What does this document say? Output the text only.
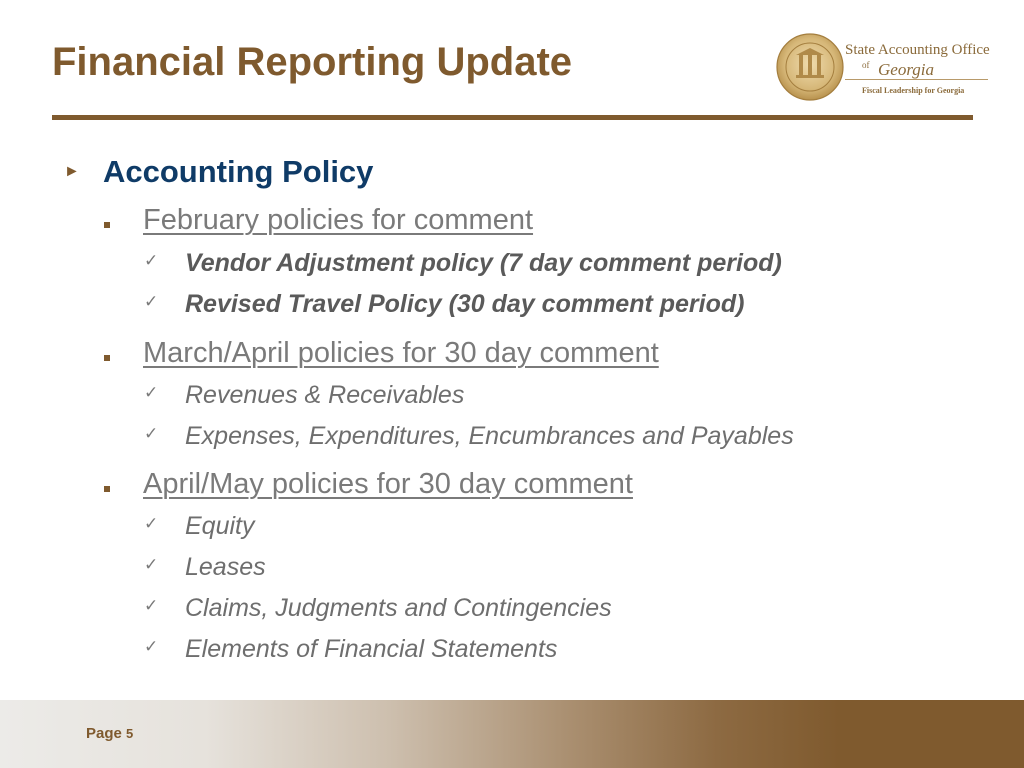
Financial Reporting Update	State Accounting Office
of Georgia
Fiscal Leadership for Georgia
► Accounting Policy
February policies for comment
✓ Vendor Adjustment policy (7 day comment period)
✓ Revised Travel Policy (30 day comment period)
March/April policies for 30 day comment
✓ Revenues & Receivables
✓ Expenses, Expenditures, Encumbrances and Payables
April/May policies for 30 day comment
✓ Equity
✓ Leases
✓ Claims, Judgments and Contingencies
✓ Elements of Financial Statements
Page 5
